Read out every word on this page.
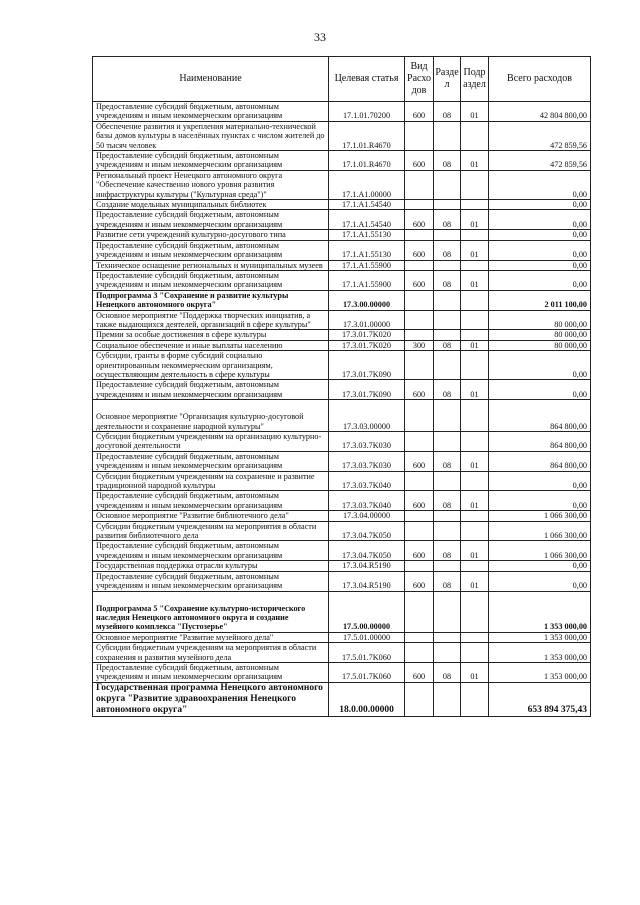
33
Наименование	Целевая статья	Вид Расхо дов	Разде л	Подр аздел	Всего расходов
Предоставление субсидий бюджетным, автономным учреждениям и иным некоммерческим организациям	17.1.01.70200	600	08	01	42 804 800,00
Обеспечение развития и укрепления материально-технической базы домов культуры в населённых пунктах с числом жителей до 50 тысяч человек	17.1.01.R4670				472 859,56
Предоставление субсидий бюджетным, автономным учреждениям и иным некоммерческим организациям	17.1.01.R4670	600	08	01	472 859,56
Региональный проект Ненецкого автономного округа "Обеспечение качественно нового уровня развития инфраструктуры культуры ("Культурная среда")"	17.1.A1.00000				0,00
Создание модельных муниципальных библиотек	17.1.A1.54540				0,00
Предоставление субсидий бюджетным, автономным учреждениям и иным некоммерческим организациям	17.1.A1.54540	600	08	01	0,00
Развитие сети учреждений культурно-досугового типа	17.1.A1.55130				0,00
Предоставление субсидий бюджетным, автономным учреждениям и иным некоммерческим организациям	17.1.A1.55130	600	08	01	0,00
Техническое оснащение региональных и муниципальных музеев	17.1.A1.55900				0,00
Предоставление субсидий бюджетным, автономным учреждениям и иным некоммерческим организациям	17.1.A1.55900	600	08	01	0,00
Подпрограмма 3 "Сохранение и развитие культуры Ненецкого автономного округа"	17.3.00.00000				2 011 100,00
Основное мероприятие "Поддержка творческих инициатив, а также выдающихся деятелей, организаций в сфере культуры"	17.3.01.00000				80 000,00
Премии за особые достижения в сфере культуры	17.3.01.7K020				80 000,00
Социальное обеспечение и иные выплаты населению	17.3.01.7K020	300	08	01	80 000,00
Субсидии, гранты в форме субсидий социально ориентированным некоммерческим организациям, осуществляющим деятельность в сфере культуры	17.3.01.7K090				0,00
Предоставление субсидий бюджетным, автономным учреждениям и иным некоммерческим организациям	17.3.01.7K090	600	08	01	0,00
Основное мероприятие "Организация культурно-досуговой деятельности и сохранение народной культуры"	17.3.03.00000				864 800,00
Субсидии бюджетным учреждениям на организацию культурно-досуговой деятельности	17.3.03.7K030				864 800,00
Предоставление субсидий бюджетным, автономным учреждениям и иным некоммерческим организациям	17.3.03.7K030	600	08	01	864 800,00
Субсидии бюджетным учреждениям на сохранение и развитие традиционной народной культуры	17.3.03.7K040				0,00
Предоставление субсидий бюджетным, автономным учреждениям и иным некоммерческим организациям	17.3.03.7K040	600	08	01	0,00
Основное мероприятие "Развитие библиотечного дела"	17.3.04.00000				1 066 300,00
Субсидии бюджетным учреждениям на мероприятия в области развития библиотечного дела	17.3.04.7K050				1 066 300,00
Предоставление субсидий бюджетным, автономным учреждениям и иным некоммерческим организациям	17.3.04.7K050	600	08	01	1 066 300,00
Государственная поддержка отрасли культуры	17.3.04.R5190				0,00
Предоставление субсидий бюджетным, автономным учреждениям и иным некоммерческим организациям	17.3.04.R5190	600	08	01	0,00
Подпрограмма 5 "Сохранение культурно-исторического наследия Ненецкого автономного округа и создание музейного комплекса "Пустозерье"	17.5.00.00000				1 353 000,00
Основное мероприятие "Развитие музейного дела"	17.5.01.00000				1 353 000,00
Субсидии бюджетным учреждениям на мероприятия в области сохранения и развития музейного дела	17.5.01.7K060				1 353 000,00
Предоставление субсидий бюджетным, автономным учреждениям и иным некоммерческим организациям	17.5.01.7K060	600	08	01	1 353 000,00
Государственная программа Ненецкого автономного округа "Развитие здравоохранения Ненецкого автономного округа"	18.0.00.00000				653 894 375,43
